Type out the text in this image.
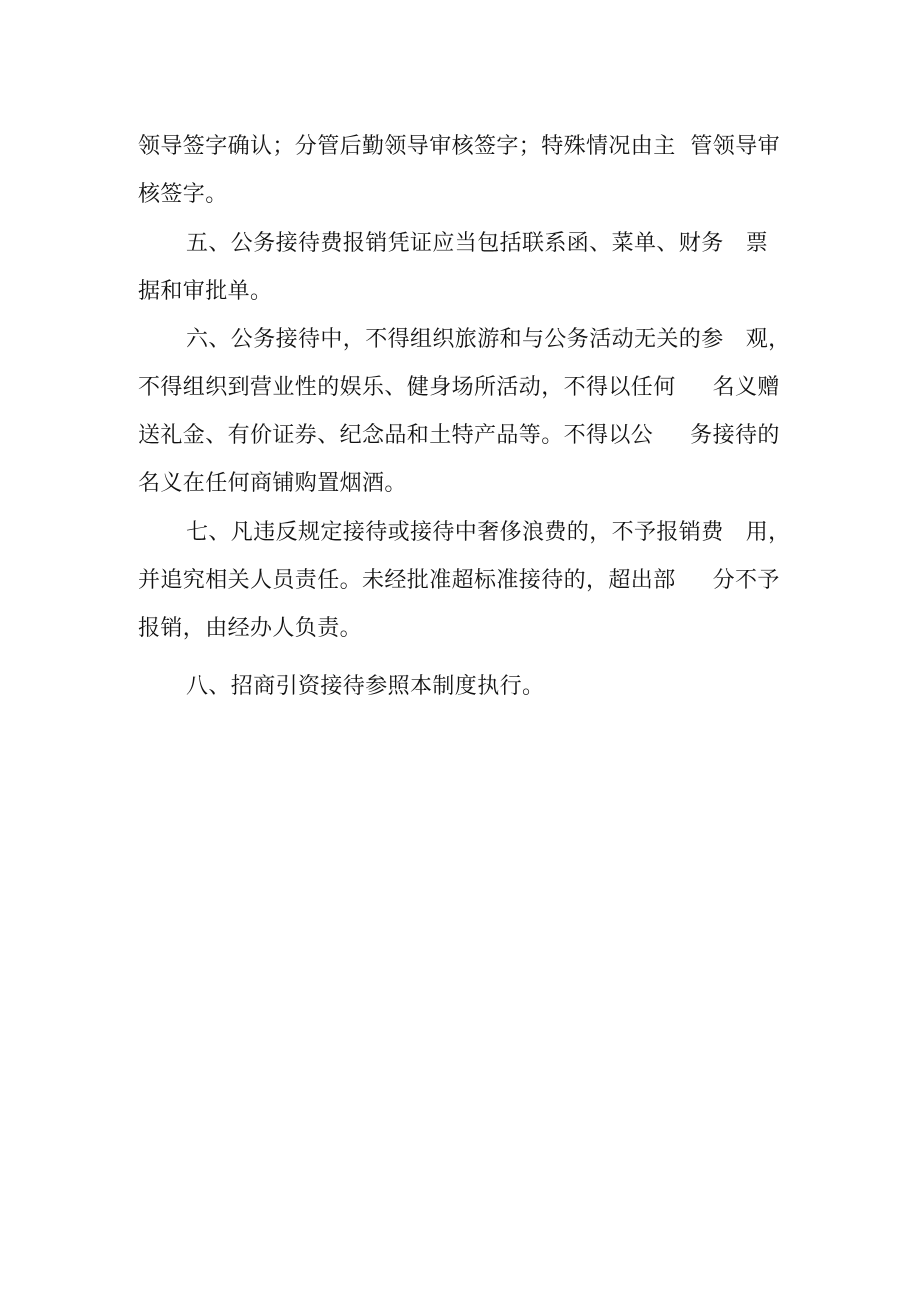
领导签字确认；分管后勤领导审核签字；特殊情况由主  管领导审
核签字。
五、公务接待费报销凭证应当包括联系函、菜单、财务   票
据和审批单。
六、公务接待中，不得组织旅游和与公务活动无关的参   观，
不得组织到营业性的娱乐、健身场所活动，不得以任何     名义赠
送礼金、有价证券、纪念品和土特产品等。不得以公     务接待的
名义在任何商铺购置烟酒。
七、凡违反规定接待或接待中奢侈浪费的，不予报销费   用，
并追究相关人员责任。未经批准超标准接待的，超出部     分不予
报销，由经办人负责。
八、招商引资接待参照本制度执行。
